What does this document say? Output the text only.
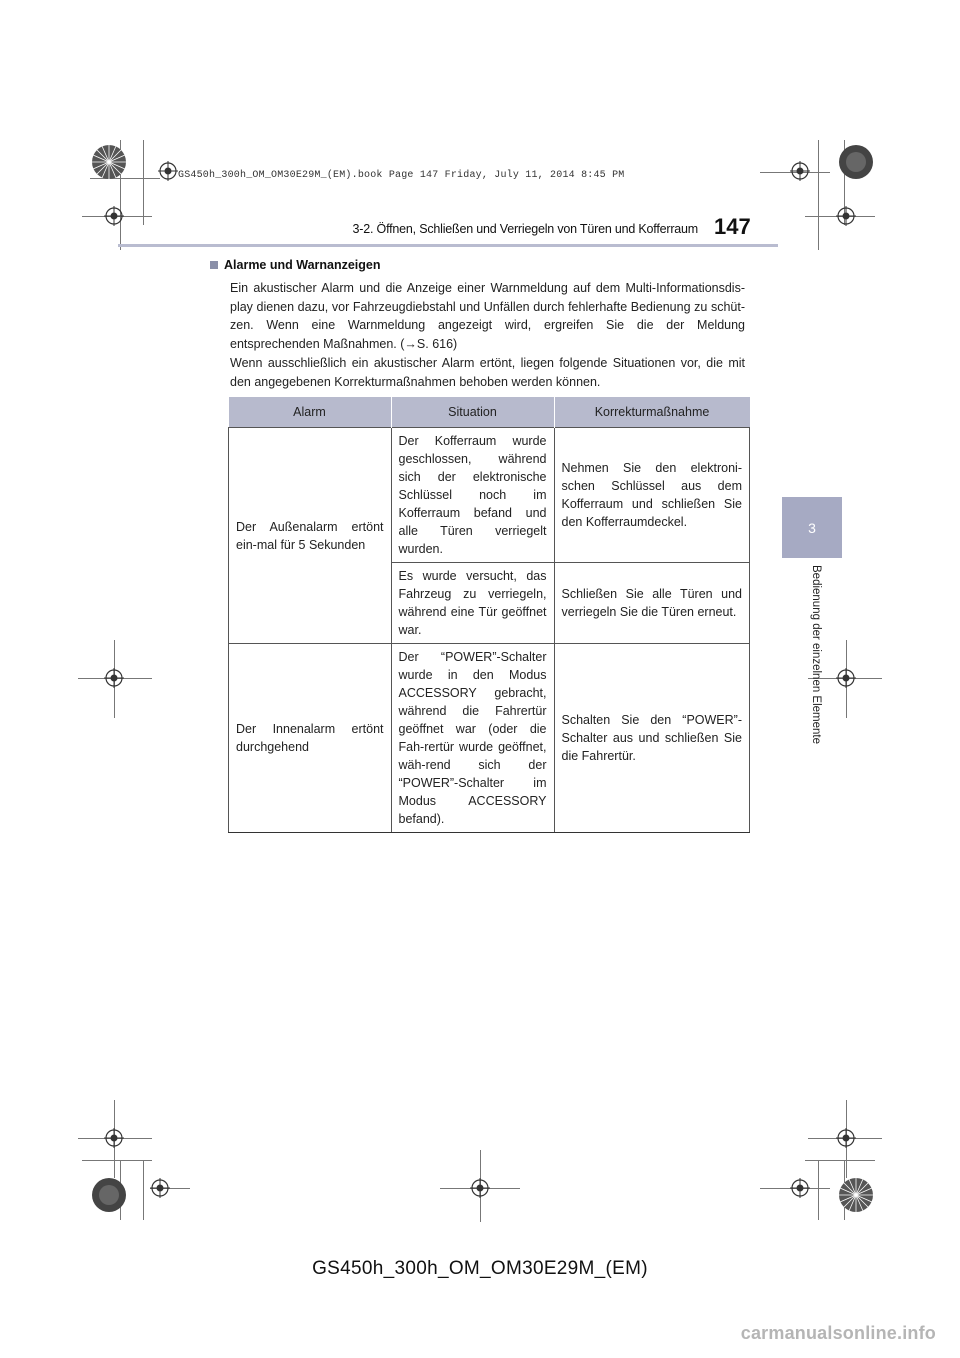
GS450h_300h_OM_OM30E29M_(EM).book Page 147 Friday, July 11, 2014 8:45 PM
3-2. Öffnen, Schließen und Verriegeln von Türen und Kofferraum 147
3
Bedienung der einzelnen Elemente
Alarme und Warnanzeigen
Ein akustischer Alarm und die Anzeige einer Warnmeldung auf dem Multi-Informationsdis-play dienen dazu, vor Fahrzeugdiebstahl und Unfällen durch fehlerhafte Bedienung zu schüt-zen. Wenn eine Warnmeldung angezeigt wird, ergreifen Sie die der Meldung entsprechenden Maßnahmen. (→S. 616)
Wenn ausschließlich ein akustischer Alarm ertönt, liegen folgende Situationen vor, die mit den angegebenen Korrekturmaßnahmen behoben werden können.
Alarm	Situation	Korrekturmaßnahme
Der Außenalarm ertönt ein-mal für 5 Sekunden	Der Kofferraum wurde geschlossen, während sich der elektronische Schlüssel noch im Kofferraum befand und alle Türen verriegelt wurden.	Nehmen Sie den elektroni-schen Schlüssel aus dem Kofferraum und schließen Sie den Kofferraumdeckel.
	Es wurde versucht, das Fahrzeug zu verriegeln, während eine Tür geöffnet war.	Schließen Sie alle Türen und verriegeln Sie die Türen erneut.
Der Innenalarm ertönt durchgehend	Der “POWER”-Schalter wurde in den Modus ACCESSORY gebracht, während die Fahrertür geöffnet war (oder die Fah-rertür wurde geöffnet, wäh-rend sich der “POWER”-Schalter im Modus ACCESSORY befand).	Schalten Sie den “POWER”-Schalter aus und schließen Sie die Fahrertür.
GS450h_300h_OM_OM30E29M_(EM)
carmanualsonline.info
